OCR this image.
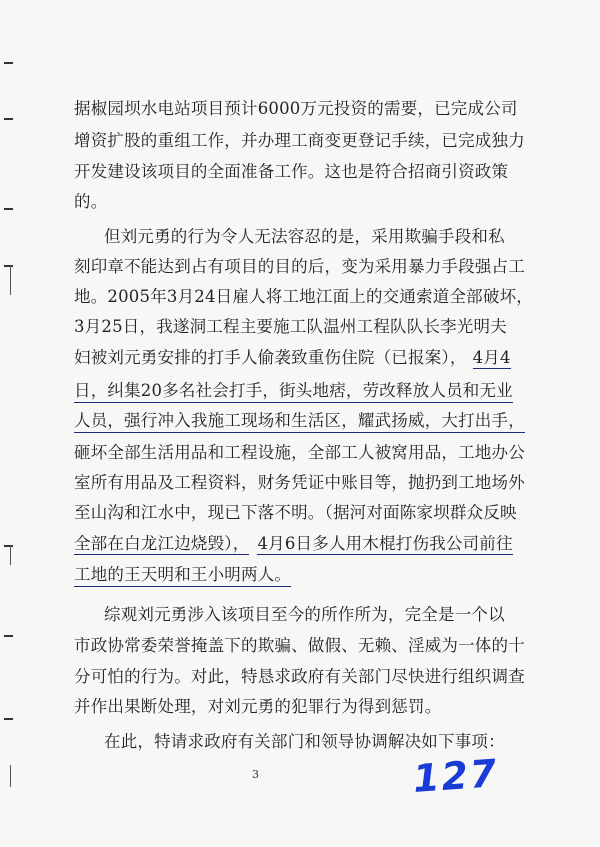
据椒园坝水电站项目预计6000万元投资的需要，已完成公司
增资扩股的重组工作，并办理工商变更登记手续，已完成独力
开发建设该项目的全面准备工作。这也是符合招商引资政策
的。
但刘元勇的行为令人无法容忍的是，采用欺骗手段和私
刻印章不能达到占有项目的目的后，变为采用暴力手段强占工
地。2005年3月24日雇人将工地江面上的交通索道全部破坏，
3月25日，我遂洞工程主要施工队温州工程队队长李光明夫
妇被刘元勇安排的打手人偷袭致重伤住院（已报案）， 4月4
日，纠集20多名社会打手，街头地痞，劳改释放人员和无业
人员，强行冲入我施工现场和生活区，耀武扬威，大打出手，
砸坏全部生活用品和工程设施，全部工人被窝用品，工地办公
室所有用品及工程资料，财务凭证中账目等，抛扔到工地场外
至山沟和江水中，现已下落不明。（据河对面陈家坝群众反映
全部在白龙江边烧毁）， 4月6日多人用木棍打伤我公司前往
工地的王天明和王小明两人。
综观刘元勇涉入该项目至今的所作所为，完全是一个以
市政协常委荣誉掩盖下的欺骗、做假、无赖、淫威为一体的十
分可怕的行为。对此，特恳求政府有关部门尽快进行组织调查
并作出果断处理，对刘元勇的犯罪行为得到惩罚。
在此，特请求政府有关部门和领导协调解决如下事项：
3	127
